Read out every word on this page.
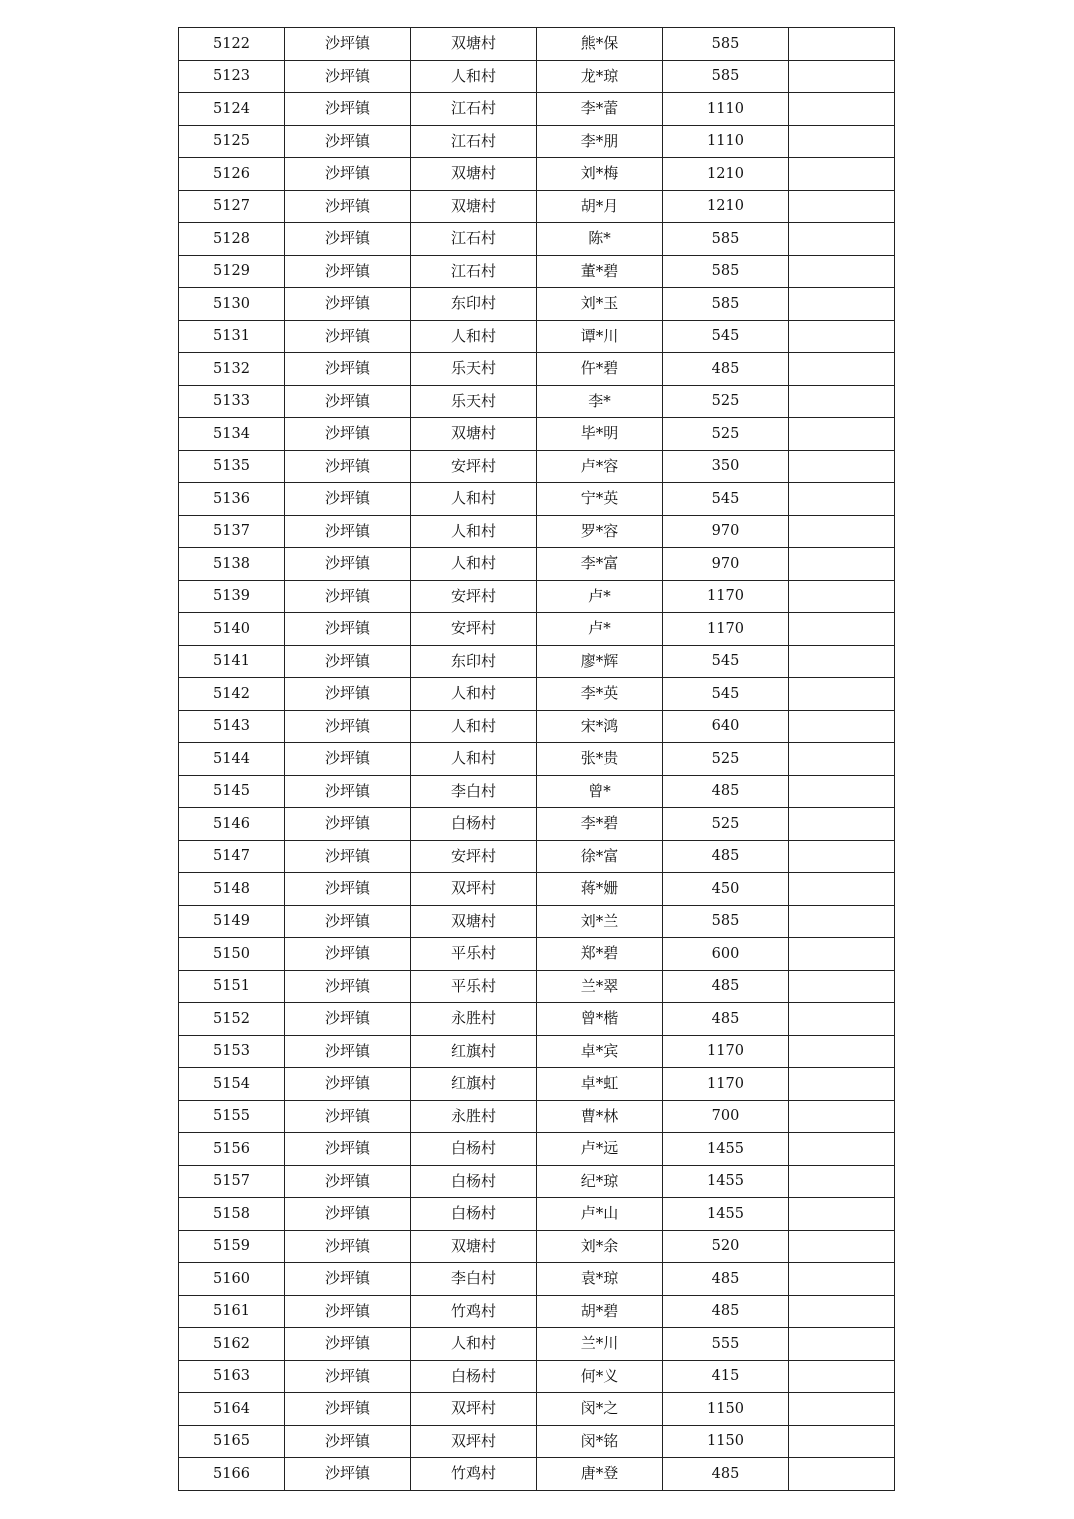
5122	沙坪镇	双塘村	熊*保	585	
5123	沙坪镇	人和村	龙*琼	585	
5124	沙坪镇	江石村	李*蕾	1110	
5125	沙坪镇	江石村	李*朋	1110	
5126	沙坪镇	双塘村	刘*梅	1210	
5127	沙坪镇	双塘村	胡*月	1210	
5128	沙坪镇	江石村	陈*	585	
5129	沙坪镇	江石村	董*碧	585	
5130	沙坪镇	东印村	刘*玉	585	
5131	沙坪镇	人和村	谭*川	545	
5132	沙坪镇	乐天村	仵*碧	485	
5133	沙坪镇	乐天村	李*	525	
5134	沙坪镇	双塘村	毕*明	525	
5135	沙坪镇	安坪村	卢*容	350	
5136	沙坪镇	人和村	宁*英	545	
5137	沙坪镇	人和村	罗*容	970	
5138	沙坪镇	人和村	李*富	970	
5139	沙坪镇	安坪村	卢*	1170	
5140	沙坪镇	安坪村	卢*	1170	
5141	沙坪镇	东印村	廖*辉	545	
5142	沙坪镇	人和村	李*英	545	
5143	沙坪镇	人和村	宋*鸿	640	
5144	沙坪镇	人和村	张*贵	525	
5145	沙坪镇	李白村	曾*	485	
5146	沙坪镇	白杨村	李*碧	525	
5147	沙坪镇	安坪村	徐*富	485	
5148	沙坪镇	双坪村	蒋*姗	450	
5149	沙坪镇	双塘村	刘*兰	585	
5150	沙坪镇	平乐村	郑*碧	600	
5151	沙坪镇	平乐村	兰*翠	485	
5152	沙坪镇	永胜村	曾*楷	485	
5153	沙坪镇	红旗村	卓*宾	1170	
5154	沙坪镇	红旗村	卓*虹	1170	
5155	沙坪镇	永胜村	曹*林	700	
5156	沙坪镇	白杨村	卢*远	1455	
5157	沙坪镇	白杨村	纪*琼	1455	
5158	沙坪镇	白杨村	卢*山	1455	
5159	沙坪镇	双塘村	刘*余	520	
5160	沙坪镇	李白村	袁*琼	485	
5161	沙坪镇	竹鸡村	胡*碧	485	
5162	沙坪镇	人和村	兰*川	555	
5163	沙坪镇	白杨村	何*义	415	
5164	沙坪镇	双坪村	闵*之	1150	
5165	沙坪镇	双坪村	闵*铭	1150	
5166	沙坪镇	竹鸡村	唐*登	485	
